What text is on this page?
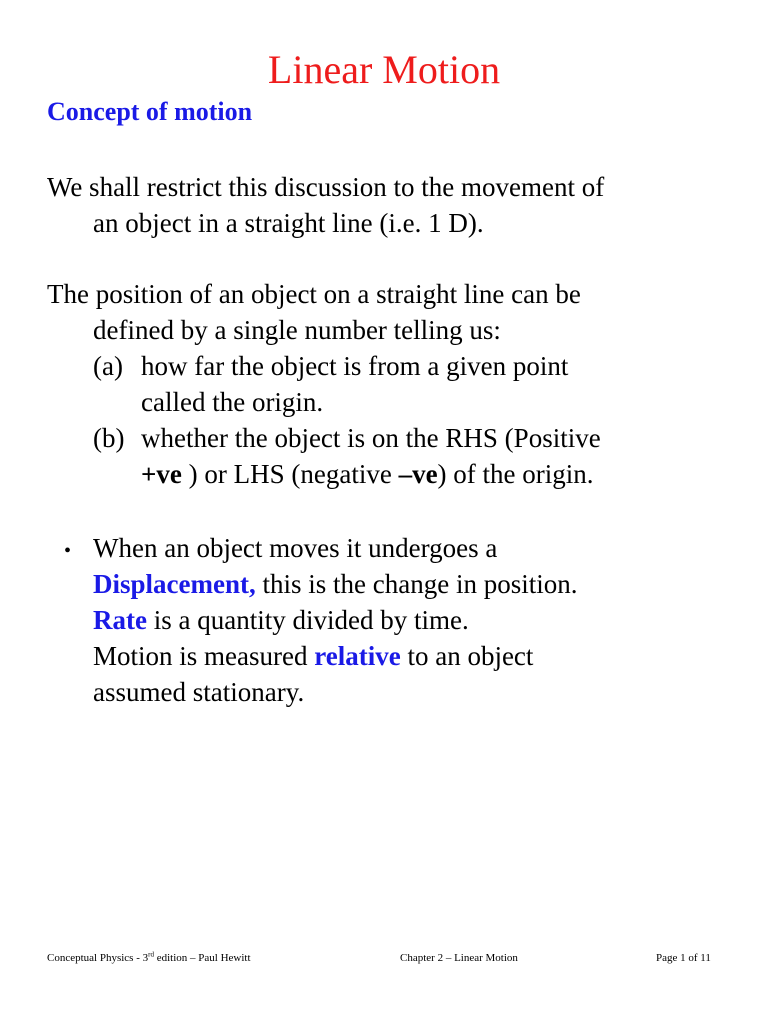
Linear Motion
Concept of motion
We shall restrict this discussion to the movement of
an object in a straight line (i.e. 1 D).
The position of an object on a straight line can be
defined by a single number telling us:
(a) how far the object is from a given point
called the origin.
(b) whether the object is on the RHS (Positive
+ve ) or LHS (negative –ve) of the origin.
• When an object moves it undergoes a
Displacement, this is the change in position.
Rate is a quantity divided by time.
Motion is measured relative to an object
assumed stationary.
Conceptual Physics - 3rd edition – Paul Hewitt	Chapter 2 – Linear Motion	Page 1 of 11
